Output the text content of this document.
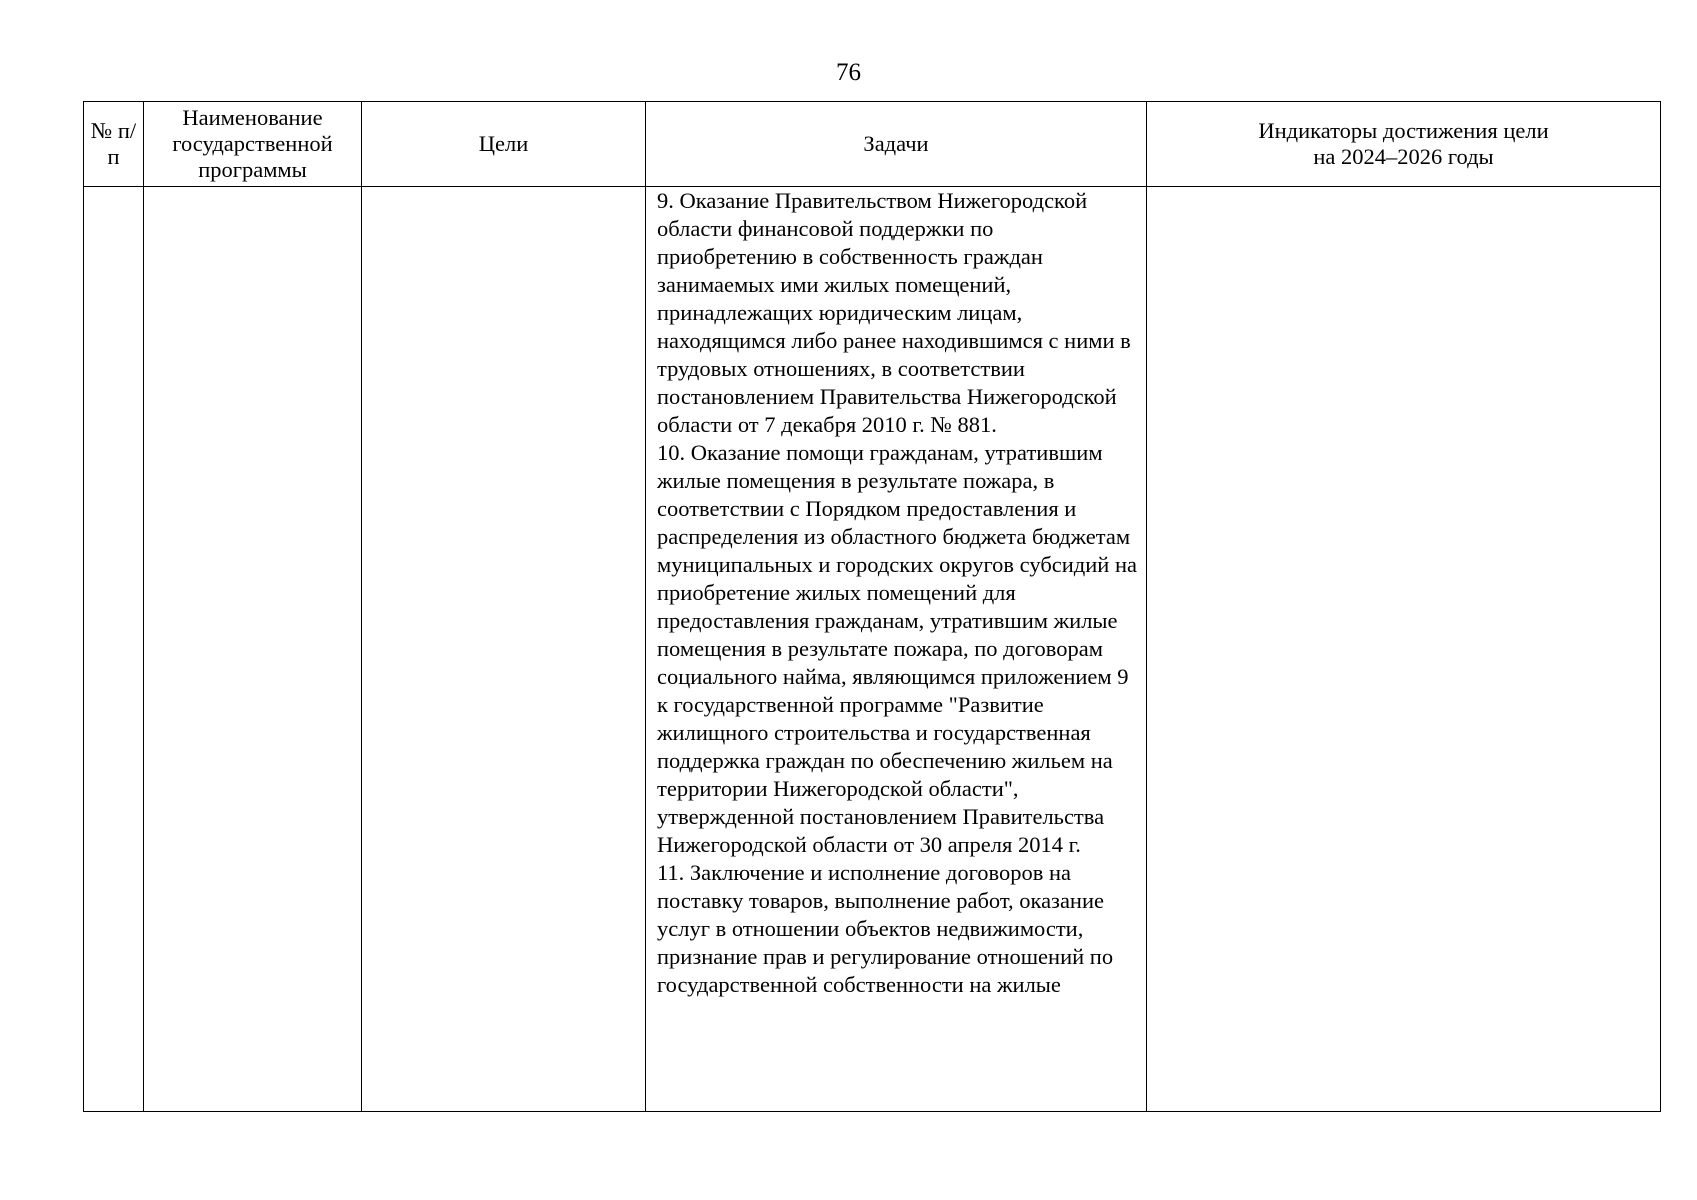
76
№ п/п	Наименование государственной программы	Цели	Задачи	Индикаторы достижения цели на 2024–2026 годы

			9. Оказание Правительством Нижегородской области финансовой поддержки по приобретению в собственность граждан занимаемых ими жилых помещений, принадлежащих юридическим лицам, находящимся либо ранее находившимся с ними в трудовых отношениях, в соответствии постановлением Правительства Нижегородской области от 7 декабря 2010 г. № 881.
10. Оказание помощи гражданам, утратившим жилые помещения в результате пожара, в соответствии с Порядком предоставления и распределения из областного бюджета бюджетам муниципальных и городских округов субсидий на приобретение жилых помещений для предоставления гражданам, утратившим жилые помещения в результате пожара, по договорам социального найма, являющимся приложением 9 к государственной программе "Развитие жилищного строительства и государственная поддержка граждан по обеспечению жильем на территории Нижегородской области", утвержденной постановлением Правительства Нижегородской области от 30 апреля 2014 г.
11. Заключение и исполнение договоров на поставку товаров, выполнение работ, оказание услуг в отношении объектов недвижимости, признание прав и регулирование отношений по государственной собственности на жилые	
